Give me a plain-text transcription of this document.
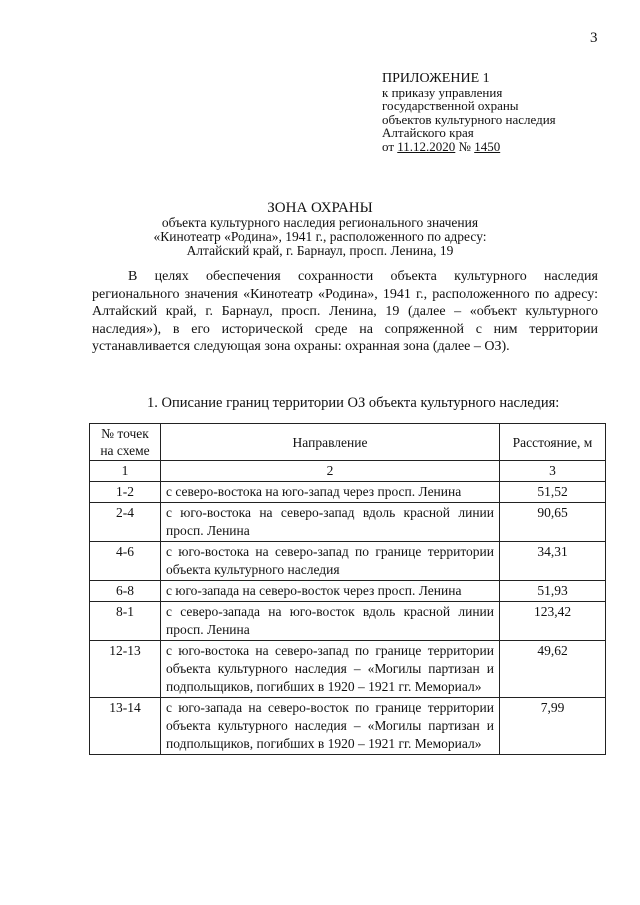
3
ПРИЛОЖЕНИЕ 1
к приказу управления
государственной охраны
объектов культурного наследия
Алтайского края
от 11.12.2020 № 1450
ЗОНА ОХРАНЫ
объекта культурного наследия регионального значения
«Кинотеатр «Родина», 1941 г., расположенного по адресу:
Алтайский край, г. Барнаул, просп. Ленина, 19

В целях обеспечения сохранности объекта культурного наследия регионального значения «Кинотеатр «Родина», 1941 г., расположенного по адресу: Алтайский край, г. Барнаул, просп. Ленина, 19 (далее – «объект культурного наследия»), в его исторической среде на сопряженной с ним территории устанавливается следующая зона охраны: охранная зона (далее – ОЗ).

1. Описание границ территории ОЗ объекта культурного наследия:
№ точек на схеме	Направление	Расстояние, м
1	2	3
1-2	с северо-востока на юго-запад через просп. Ленина	51,52
2-4	с юго-востока на северо-запад вдоль красной линии просп. Ленина	90,65
4-6	с юго-востока на северо-запад по границе территории объекта культурного наследия	34,31
6-8	с юго-запада на северо-восток через просп. Ленина	51,93
8-1	с северо-запада на юго-восток вдоль красной линии просп. Ленина	123,42
12-13	с юго-востока на северо-запад по границе территории объекта культурного наследия – «Могилы партизан и подпольщиков, погибших в 1920 – 1921 гг. Мемориал»	49,62
13-14	с юго-запада на северо-восток по границе территории объекта культурного наследия – «Могилы партизан и подпольщиков, погибших в 1920 – 1921 гг. Мемориал»	7,99
